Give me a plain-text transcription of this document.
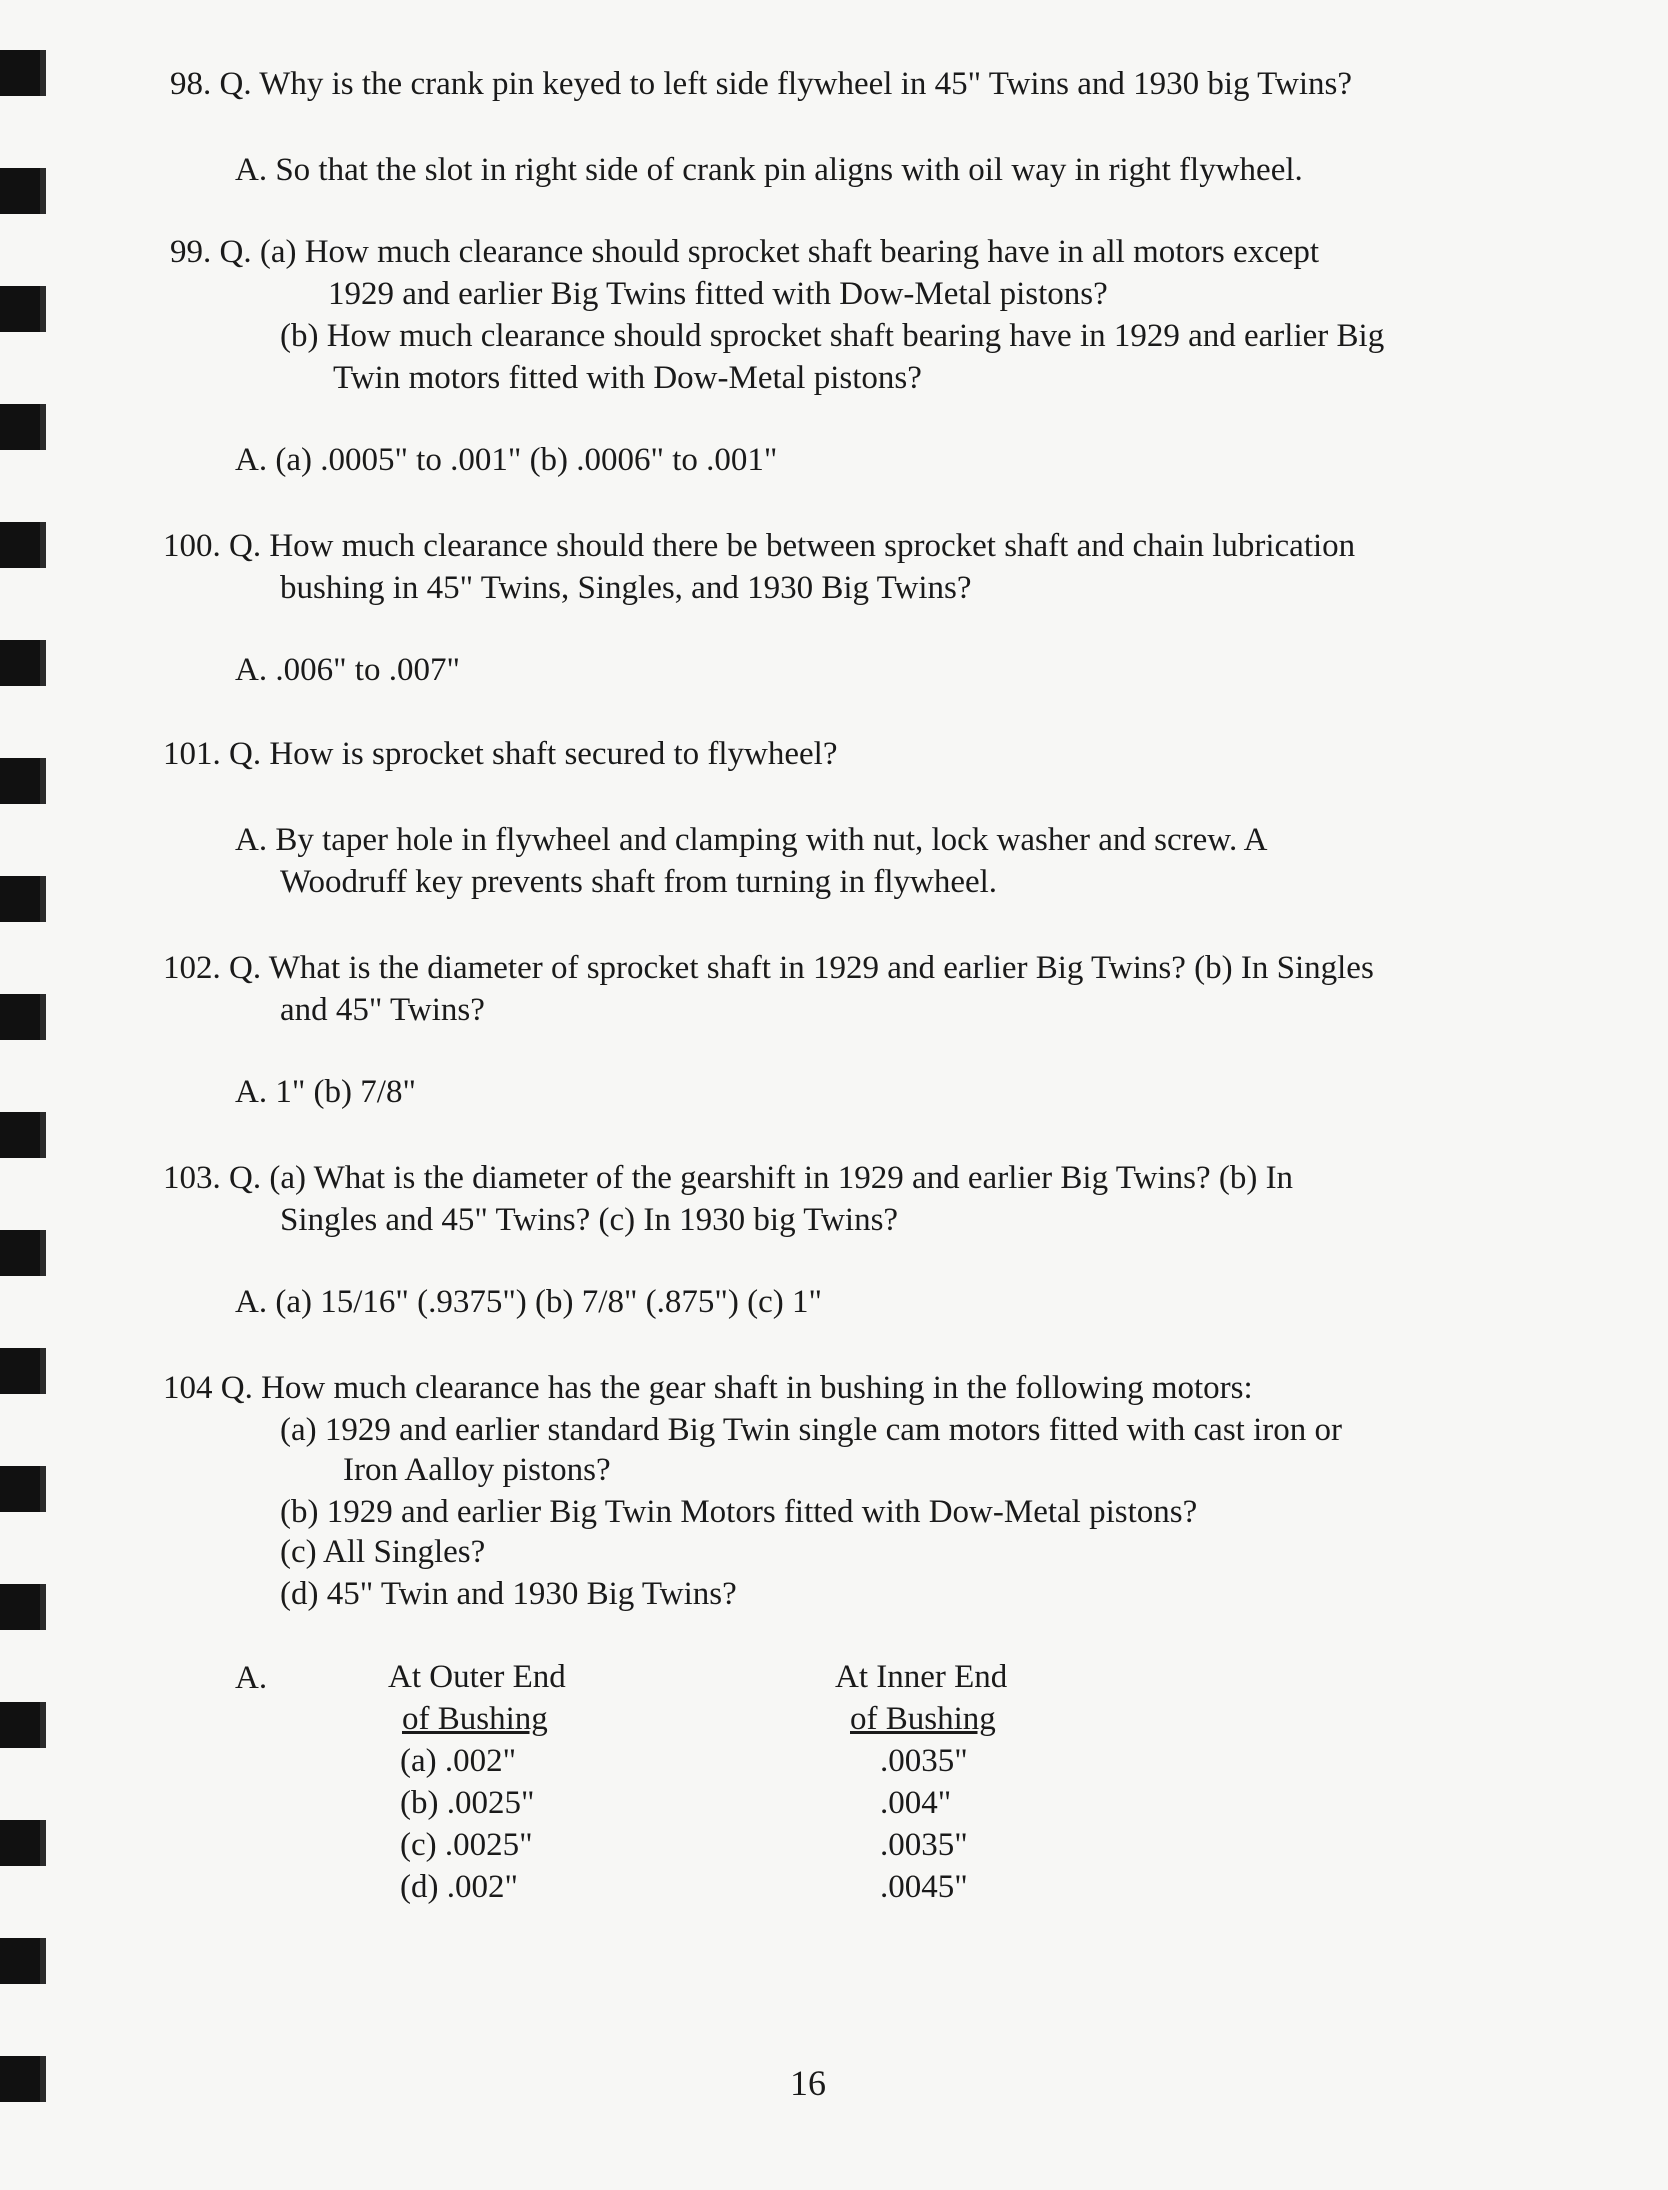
98. Q. Why is the crank pin keyed to left side flywheel in 45" Twins and 1930 big Twins?
A. So that the slot in right side of crank pin aligns with oil way in right flywheel.
99. Q. (a) How much clearance should sprocket shaft bearing have in all motors except
1929 and earlier Big Twins fitted with Dow-Metal pistons?
(b) How much clearance should sprocket shaft bearing have in 1929 and earlier Big
Twin motors fitted with Dow-Metal pistons?
A. (a) .0005" to .001" (b) .0006" to .001"
100. Q. How much clearance should there be between sprocket shaft and chain lubrication
bushing in 45" Twins, Singles, and 1930 Big Twins?
A. .006" to .007"
101. Q. How is sprocket shaft secured to flywheel?
A. By taper hole in flywheel and clamping with nut, lock washer and screw. A
Woodruff key prevents shaft from turning in flywheel.
102. Q. What is the diameter of sprocket shaft in 1929 and earlier Big Twins? (b) In Singles
and 45" Twins?
A. 1" (b) 7/8"
103. Q. (a) What is the diameter of the gearshift in 1929 and earlier Big Twins? (b) In
Singles and 45" Twins? (c) In 1930 big Twins?
A. (a) 15/16" (.9375") (b) 7/8" (.875") (c) 1"
104 Q. How much clearance has the gear shaft in bushing in the following motors:
(a) 1929 and earlier standard Big Twin single cam motors fitted with cast iron or
Iron Aalloy pistons?
(b) 1929 and earlier Big Twin Motors fitted with Dow-Metal pistons?
(c) All Singles?
(d) 45" Twin and 1930 Big Twins?
A.	At Outer End
of Bushing
At Inner End
of Bushing
(a) .002"
(b) .0025"
(c) .0025"
(d) .002"
.0035"
.004"
.0035"
.0045"
16
